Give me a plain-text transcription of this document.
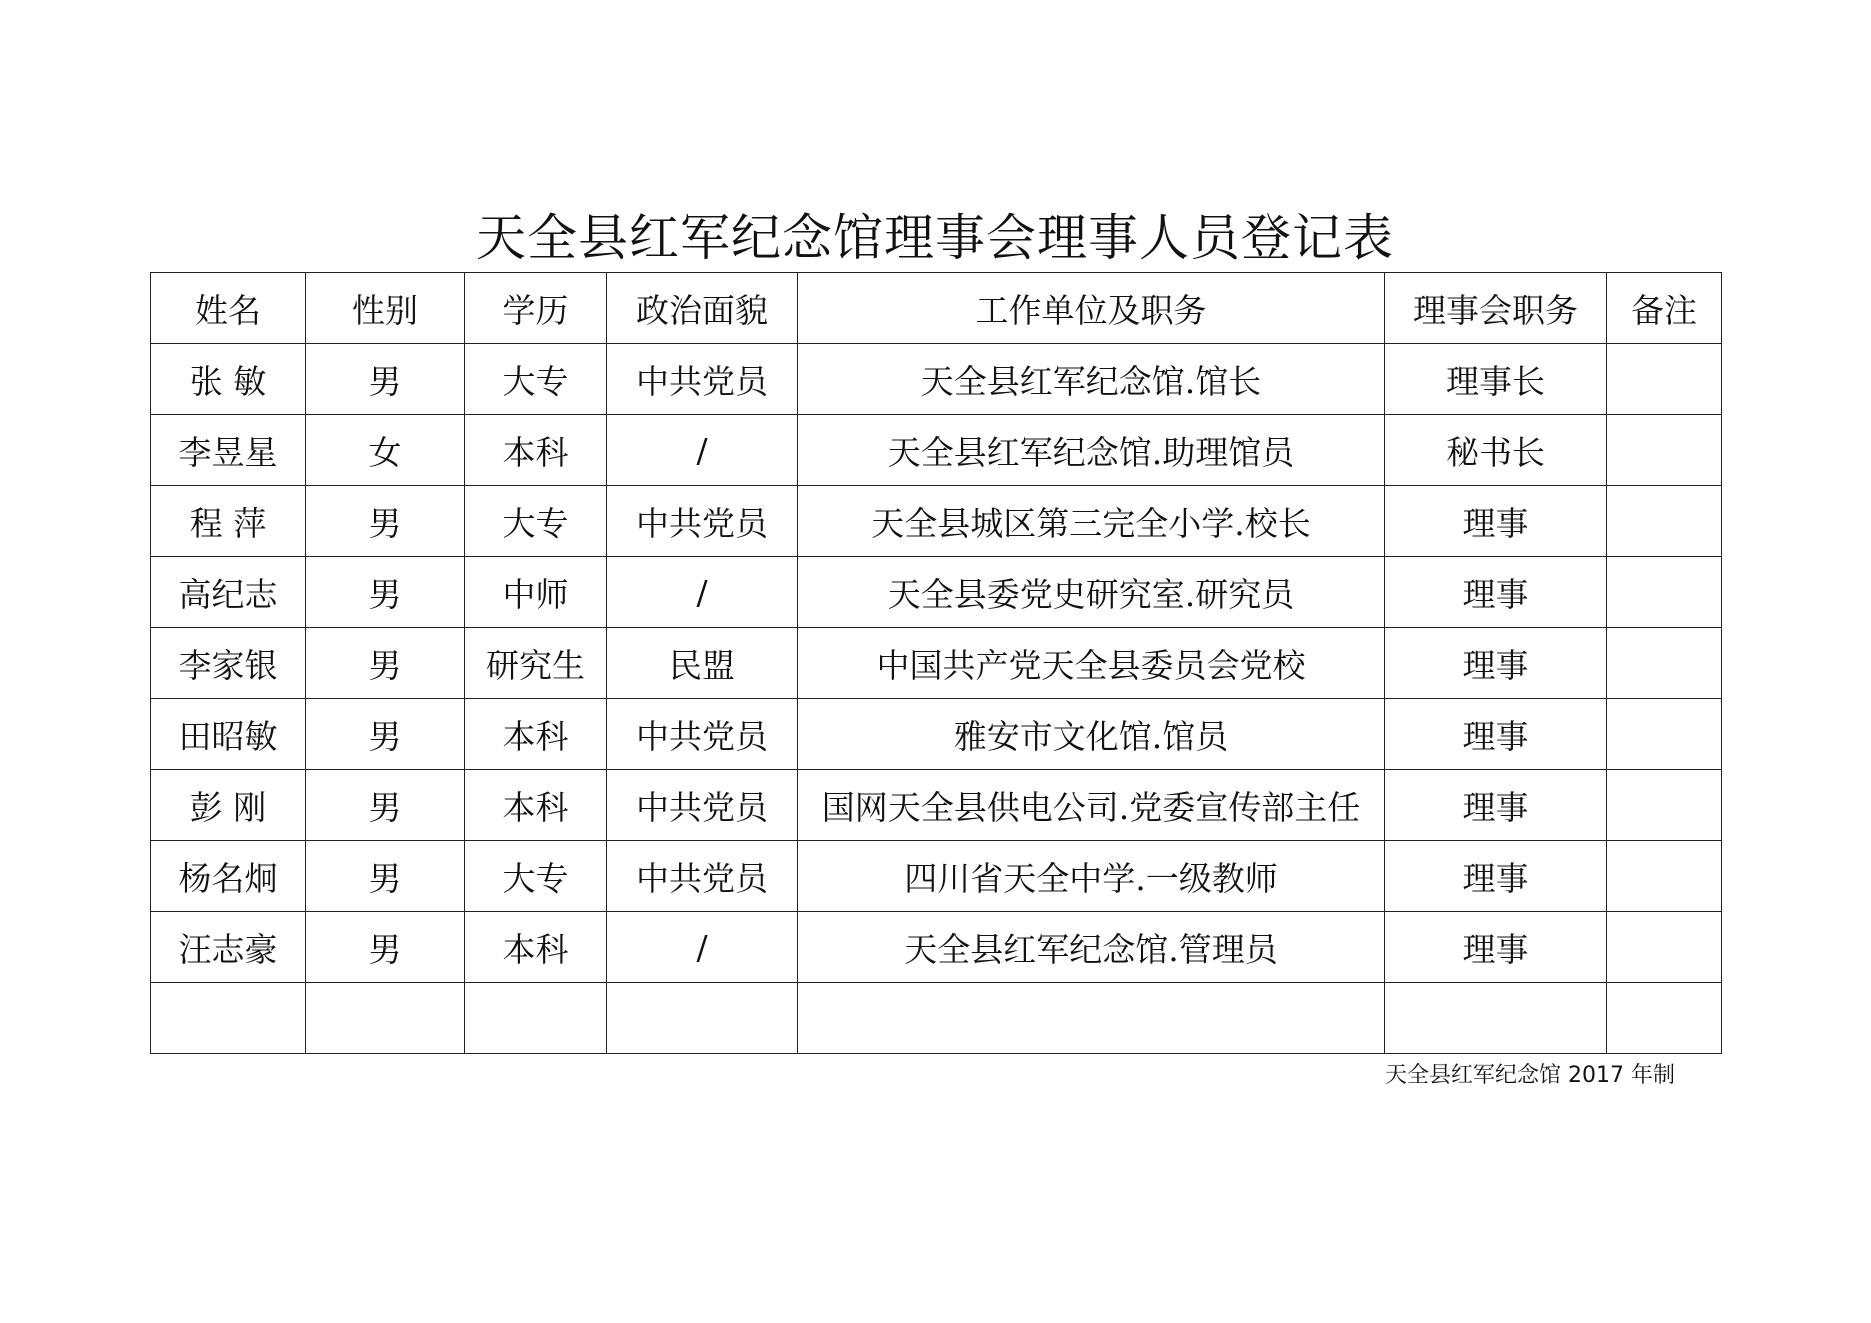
天全县红军纪念馆理事会理事人员登记表
姓名	性别	学历	政治面貌	工作单位及职务	理事会职务	备注
张 敏	男	大专	中共党员	天全县红军纪念馆.馆长	理事长	
李昱星	女	本科	/	天全县红军纪念馆.助理馆员	秘书长	
程 萍	男	大专	中共党员	天全县城区第三完全小学.校长	理事	
高纪志	男	中师	/	天全县委党史研究室.研究员	理事	
李家银	男	研究生	民盟	中国共产党天全县委员会党校	理事	
田昭敏	男	本科	中共党员	雅安市文化馆.馆员	理事	
彭 刚	男	本科	中共党员	国网天全县供电公司.党委宣传部主任	理事	
杨名炯	男	大专	中共党员	四川省天全中学.一级教师	理事	
汪志豪	男	本科	/	天全县红军纪念馆.管理员	理事	

天全县红军纪念馆 2017 年制
